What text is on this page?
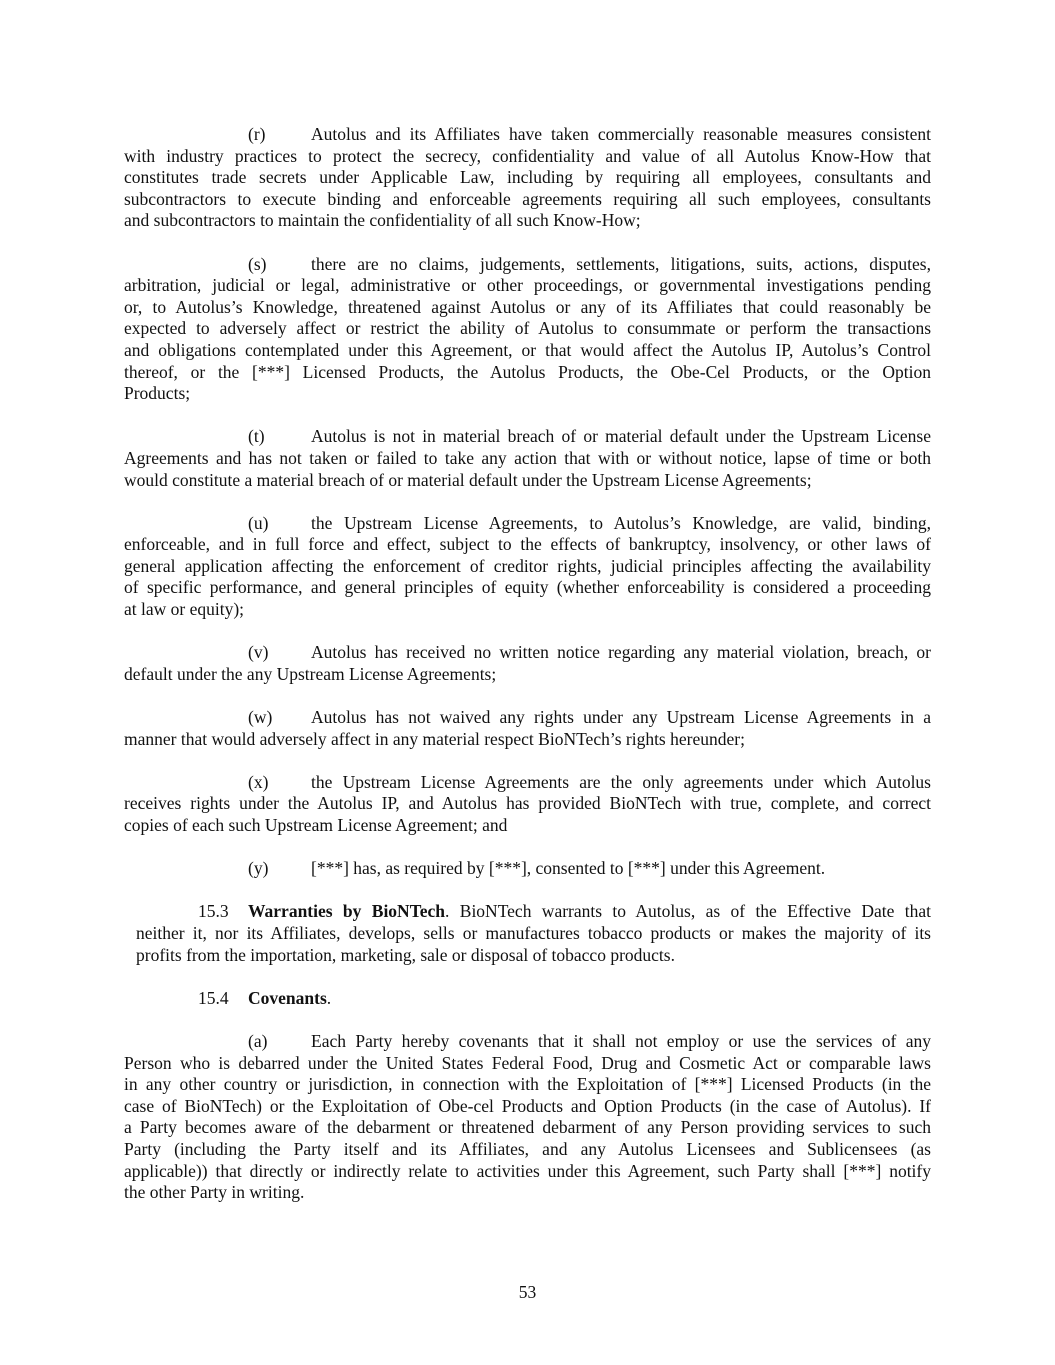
(r)	Autolus and its Affiliates have taken commercially reasonable measures consistent
with industry practices to protect the secrecy, confidentiality and value of all Autolus Know-How that
constitutes trade secrets under Applicable Law, including by requiring all employees, consultants and
subcontractors to execute binding and enforceable agreements requiring all such employees, consultants
and subcontractors to maintain the confidentiality of all such Know-How;
(s)	there are no claims, judgements, settlements, litigations, suits, actions, disputes,
arbitration, judicial or legal, administrative or other proceedings, or governmental investigations pending
or, to Autolus’s Knowledge, threatened against Autolus or any of its Affiliates that could reasonably be
expected to adversely affect or restrict the ability of Autolus to consummate or perform the transactions
and obligations contemplated under this Agreement, or that would affect the Autolus IP, Autolus’s Control
thereof, or the [***] Licensed Products, the Autolus Products, the Obe-Cel Products, or the Option
Products;
(t)	Autolus is not in material breach of or material default under the Upstream License
Agreements and has not taken or failed to take any action that with or without notice, lapse of time or both
would constitute a material breach of or material default under the Upstream License Agreements;
(u) the Upstream License Agreements, to Autolus’s Knowledge, are valid, binding,
enforceable, and in full force and effect, subject to the effects of bankruptcy, insolvency, or other laws of
general application affecting the enforcement of creditor rights, judicial principles affecting the availability
of specific performance, and general principles of equity (whether enforceability is considered a proceeding
at law or equity);
(v) Autolus has received no written notice regarding any material violation, breach, or
default under the any Upstream License Agreements;
(w) Autolus has not waived any rights under any Upstream License Agreements in a
manner that would adversely affect in any material respect BioNTech’s rights hereunder;
(x) the Upstream License Agreements are the only agreements under which Autolus
receives rights under the Autolus IP, and Autolus has provided BioNTech with true, complete, and correct
copies of each such Upstream License Agreement; and
(y) [***] has, as required by [***], consented to [***] under this Agreement.
15.3 Warranties by BioNTech. BioNTech warrants to Autolus, as of the Effective Date that
neither it, nor its Affiliates, develops, sells or manufactures tobacco products or makes the majority of its
profits from the importation, marketing, sale or disposal of tobacco products.
15.4 Covenants.
(a) Each Party hereby covenants that it shall not employ or use the services of any
Person who is debarred under the United States Federal Food, Drug and Cosmetic Act or comparable laws
in any other country or jurisdiction, in connection with the Exploitation of [***] Licensed Products (in the
case of BioNTech) or the Exploitation of Obe-cel Products and Option Products (in the case of Autolus). If
a Party becomes aware of the debarment or threatened debarment of any Person providing services to such
Party (including the Party itself and its Affiliates, and any Autolus Licensees and Sublicensees (as
applicable)) that directly or indirectly relate to activities under this Agreement, such Party shall [***] notify
the other Party in writing.
53
